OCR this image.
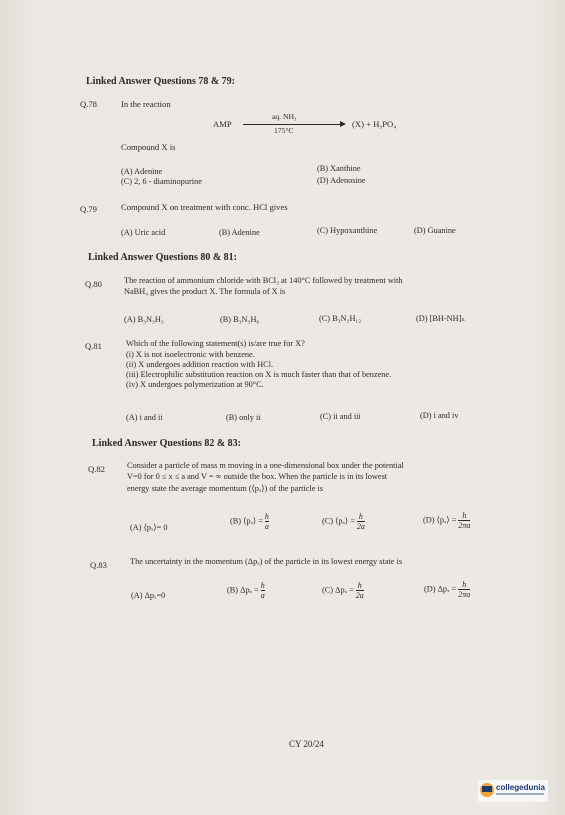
Linked Answer Questions 78 & 79:
Q.78	In the reaction
AMP
aq. NH₃
175°C
(X) + H₃PO₄
Compound X is
(A) Adenine	(B) Xanthine
(C) 2, 6 - diaminopurine	(D) Adenosine
Q.79	Compound X on treatment with conc. HCl gives
(A) Uric acid	(B) Adenine	(C) Hypoxanthine	(D) Guanine
Linked Answer Questions 80 & 81:
Q.80	The reaction of ammonium chloride with BCl₃ at 140°C followed by treatment with
NaBH₄ gives the product X. The formula of X is
(A) B₃N₃H₃	(B) B₃N₃H₆	(C) B₃N₃H₁₂	(D) [BH-NH]ₙ
Q.81	Which of the following statement(s) is/are true for X?
(i) X is not isoelectronic with benzene.
(ii) X undergoes addition reaction with HCl.
(iii) Electrophilic substitution reaction on X is much faster than that of benzene.
(iv) X undergoes polymerization at 90°C.
(A) i and ii	(B) only ii	(C) ii and iii	(D) i and iv
Linked Answer Questions 82 & 83:
Q.82	Consider a particle of mass m moving in a one-dimensional box under the potential
V=0 for 0 ≤ x ≤ a and V = ∞ outside the box. When the particle is in its lowest
energy state the average momentum (⟨pₓ⟩) of the particle is
(A) ⟨pₓ⟩= 0
(B) ⟨pₓ⟩ = $\frac{h}{a}$	(C) ⟨pₓ⟩ = $\frac{h}{2a}$	(D) ⟨pₓ⟩ = $\frac{h}{2\pi a}$
Q.83	The uncertainty in the momentum (Δpₓ) of the particle in its lowest energy state is
(A) Δpₓ=0
(B) $\Delta p_x = \frac{h}{a}$	(C) $\Delta p_x = \frac{h}{2a}$	(D) $\Delta p_x = \frac{h}{2\pi a}$
CY 20/24
collegedunia
